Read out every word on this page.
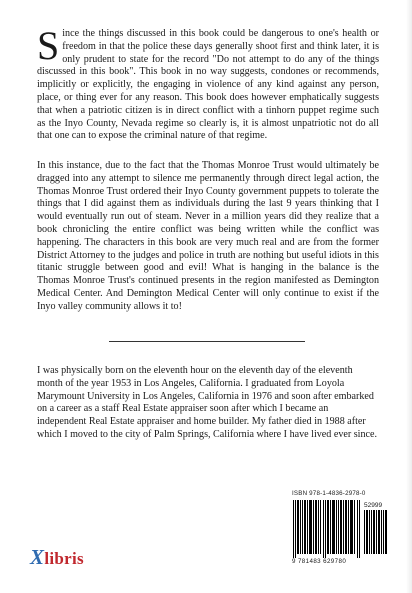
Since the things discussed in this book could be dangerous to one's health or freedom in that the police these days generally shoot first and think later, it is only prudent to state for the record "Do not attempt to do any of the things discussed in this book". This book in no way suggests, condones or recommends, implicitly or explicitly, the engaging in violence of any kind against any person, place, or thing ever for any reason. This book does however emphatically suggests that when a patriotic citizen is in direct conflict with a tinhorn puppet regime such as the Inyo County, Nevada regime so clearly is, it is almost unpatriotic not do all that one can to expose the criminal nature of that regime.

In this instance, due to the fact that the Thomas Monroe Trust would ultimately be dragged into any attempt to silence me permanently through direct legal action, the Thomas Monroe Trust ordered their Inyo County government puppets to tolerate the things that I did against them as individuals during the last 9 years thinking that I would eventually run out of steam. Never in a million years did they realize that a book chronicling the entire conflict was being written while the conflict was happening. The characters in this book are very much real and are from the former District Attorney to the judges and police in truth are nothing but useful idiots in this titanic struggle between good and evil! What is hanging in the balance is the Thomas Monroe Trust's continued presents in the region manifested as Demington Medical Center. And Demington Medical Center will only continue to exist if the Inyo valley community allows it to!

I was physically born on the eleventh hour on the eleventh day of the eleventh month of the year 1953 in Los Angeles, California. I graduated from Loyola Marymount University in Los Angeles, California in 1976 and soon after embarked on a career as a staff Real Estate appraiser soon after which I became an independent Real Estate appraiser and home builder. My father died in 1988 after which I moved to the city of Palm Springs, California where I have lived ever since.

ISBN 978-1-4836-2978-0
52999
9 781483 629780
Xlibris
